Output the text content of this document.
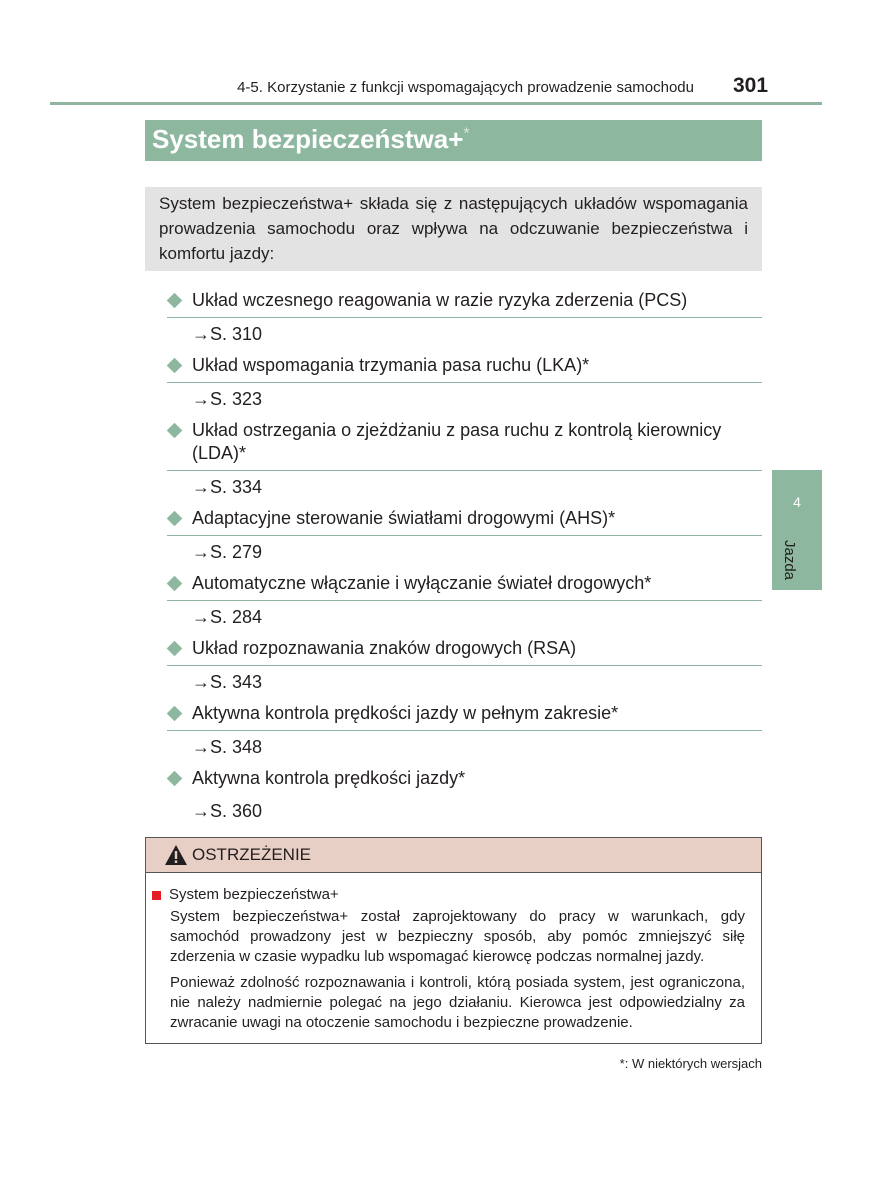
4-5. Korzystanie z funkcji wspomagających prowadzenie samochodu 301
System bezpieczeństwa+*
System bezpieczeństwa+ składa się z następujących układów wspomagania prowadzenia samochodu oraz wpływa na odczuwanie bezpieczeństwa i komfortu jazdy:
Układ wczesnego reagowania w razie ryzyka zderzenia (PCS)
→S. 310
Układ wspomagania trzymania pasa ruchu (LKA)*
→S. 323
Układ ostrzegania o zjeżdżaniu z pasa ruchu z kontrolą kierownicy (LDA)*
→S. 334
Adaptacyjne sterowanie światłami drogowymi (AHS)*
→S. 279
Automatyczne włączanie i wyłączanie świateł drogowych*
→S. 284
Układ rozpoznawania znaków drogowych (RSA)
→S. 343
Aktywna kontrola prędkości jazdy w pełnym zakresie*
→S. 348
Aktywna kontrola prędkości jazdy*
→S. 360
OSTRZEŻENIE
System bezpieczeństwa+
System bezpieczeństwa+ został zaprojektowany do pracy w warunkach, gdy samochód prowadzony jest w bezpieczny sposób, aby pomóc zmniejszyć siłę zderzenia w czasie wypadku lub wspomagać kierowcę podczas normalnej jazdy.
Ponieważ zdolność rozpoznawania i kontroli, którą posiada system, jest ograniczona, nie należy nadmiernie polegać na jego działaniu. Kierowca jest odpowiedzialny za zwracanie uwagi na otoczenie samochodu i bezpieczne prowadzenie.
*: W niektórych wersjach
4
Jazda
